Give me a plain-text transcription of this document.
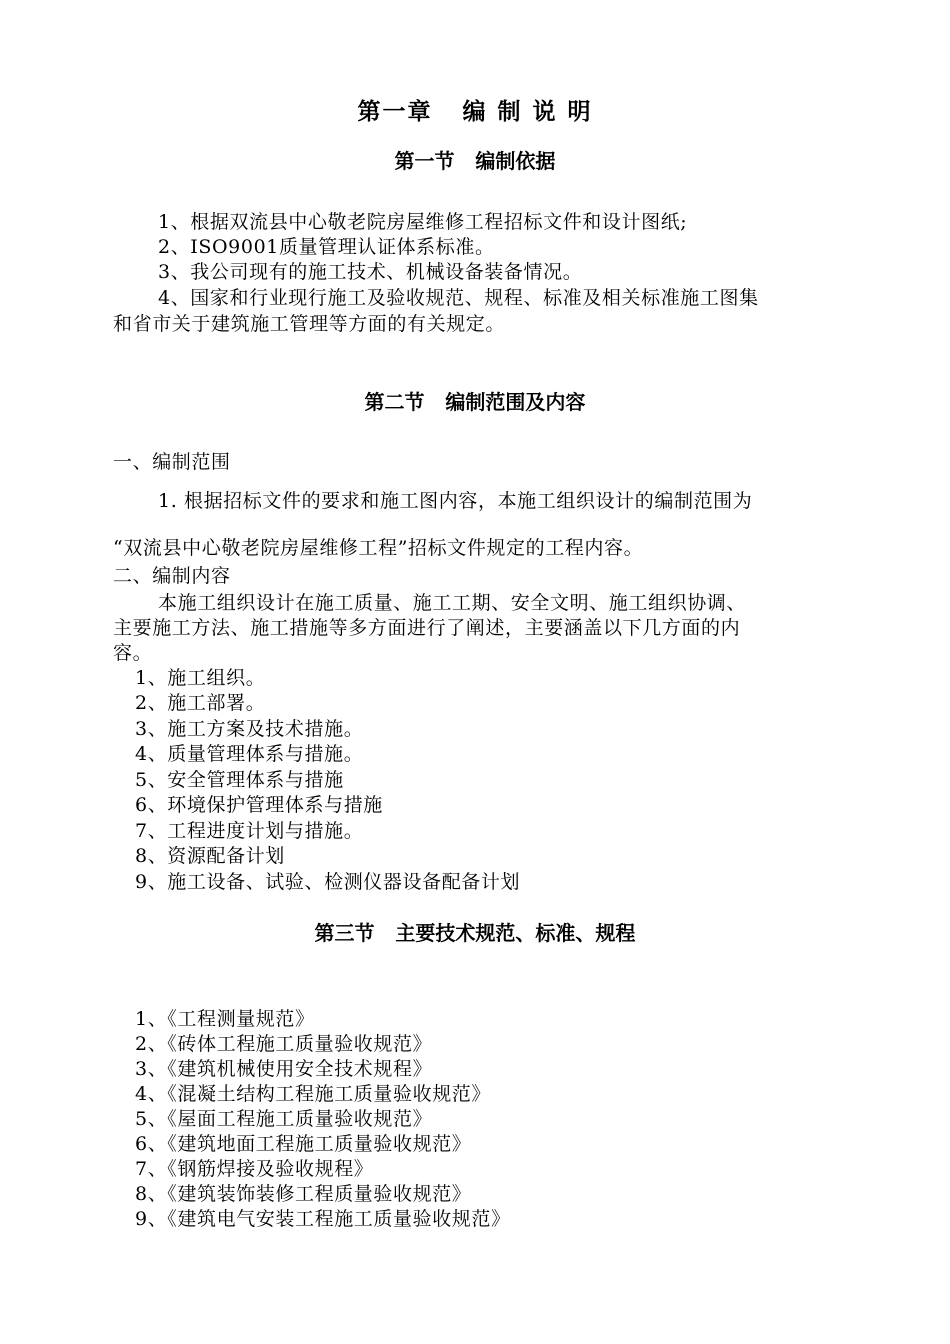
第一章   编 制 说 明
第一节   编制依据
1、根据双流县中心敬老院房屋维修工程招标文件和设计图纸;
2、ISO9001质量管理认证体系标准。
3、我公司现有的施工技术、机械设备装备情况。
4、国家和行业现行施工及验收规范、规程、标准及相关标准施工图集
和省市关于建筑施工管理等方面的有关规定。
第二节   编制范围及内容
一、编制范围
1. 根据招标文件的要求和施工图内容，本施工组织设计的编制范围为
“双流县中心敬老院房屋维修工程”招标文件规定的工程内容。
二、编制内容
本施工组织设计在施工质量、施工工期、安全文明、施工组织协调、
主要施工方法、施工措施等多方面进行了阐述，主要涵盖以下几方面的内
容。
1、施工组织。
2、施工部署。
3、施工方案及技术措施。
4、质量管理体系与措施。
5、安全管理体系与措施
6、环境保护管理体系与措施
7、工程进度计划与措施。
8、资源配备计划
9、施工设备、试验、检测仪器设备配备计划
第三节   主要技术规范、标准、规程
1、《工程测量规范》
2、《砖体工程施工质量验收规范》
3、《建筑机械使用安全技术规程》
4、《混凝土结构工程施工质量验收规范》
5、《屋面工程施工质量验收规范》
6、《建筑地面工程施工质量验收规范》
7、《钢筋焊接及验收规程》
8、《建筑装饰装修工程质量验收规范》
9、《建筑电气安装工程施工质量验收规范》
